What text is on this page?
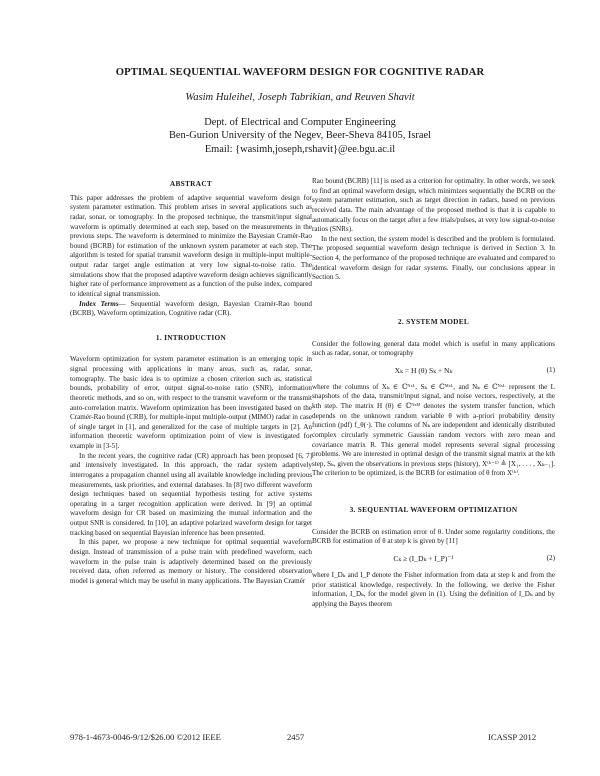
OPTIMAL SEQUENTIAL WAVEFORM DESIGN FOR COGNITIVE RADAR
Wasim Huleihel, Joseph Tabrikian, and Reuven Shavit
Dept. of Electrical and Computer Engineering
Ben-Gurion University of the Negev, Beer-Sheva 84105, Israel
Email: {wasimh,joseph,rshavit}@ee.bgu.ac.il
ABSTRACT

This paper addresses the problem of adaptive sequential waveform design for system parameter estimation. This problem arises in several applications such as radar, sonar, or tomography. In the proposed technique, the transmit/input signal waveform is optimally determined at each step, based on the measurements in the previous steps. The waveform is determined to minimize the Bayesian Cramér-Rao bound (BCRB) for estimation of the unknown system parameter at each step. The algorithm is tested for spatial transmit waveform design in multiple-input multiple-output radar target angle estimation at very low signal-to-noise ratio. The simulations show that the proposed adaptive waveform design achieves significantly higher rate of performance improvement as a function of the pulse index, compared to identical signal transmission.

Index Terms— Sequential waveform design, Bayesian Cramér-Rao bound (BCRB), Waveform optimization, Cognitive radar (CR).

1. INTRODUCTION

Waveform optimization for system parameter estimation is an emerging topic in signal processing with applications in many areas, such as, radar, sonar, tomography. The basic idea is to optimize a chosen criterion such as, statistical bounds, probability of error, output signal-to-noise ratio (SNR), information theoretic methods, and so on, with respect to the transmit waveform or the transmit auto-correlation matrix. Waveform optimization has been investigated based on the Cramér-Rao bound (CRB), for multiple-input multiple-output (MIMO) radar in case of single target in [1], and generalized for the case of multiple targets in [2]. An information theoretic waveform optimization point of view is investigated for example in [3-5].

In the recent years, the cognitive radar (CR) approach has been proposed [6, 7] and intensively investigated. In this approach, the radar system adaptively interrogates a propagation channel using all available knowledge including previous measurements, task priorities, and external databases. In [8] two different waveform design techniques based on sequential hypothesis testing for active systems operating in a target recognition application were derived. In [9] an optimal waveform design for CR based on maximizing the mutual information and the output SNR is considered. In [10], an adaptive polarized waveform design for target tracking based on sequential Bayesian inference has been presented.

In this paper, we propose a new technique for optimal sequential waveform design. Instead of transmission of a pulse train with predefined waveform, each waveform in the pulse train is adaptively determined based on the previously received data, often referred as memory or history. The considered observation model is general which may be useful in many applications. The Bayesian Cramér

Rao bound (BCRB) [11] is used as a criterion for optimality. In other words, we seek to find an optimal waveform design, which minimizes sequentially the BCRB on the system parameter estimation, such as target direction in radars, based on previous received data. The main advantage of the proposed method is that it is capable to automatically focus on the target after a few trials/pulses, at very low signal-to-noise ratios (SNRs).

In the next section, the system model is described and the problem is formulated. The proposed sequential waveform design technique is derived in Section 3. In Section 4, the performance of the proposed technique are evaluated and compared to identical waveform design for radar systems. Finally, our conclusions appear in Section 5.

2. SYSTEM MODEL

Consider the following general data model which is useful in many applications such as radar, sonar, or tomography

Xₖ = H (θ) Sₖ + Nₖ	(1)

where the columns of Xₖ ∈ ℂᴺˣᴸ, Sₖ ∈ ℂᴹˣᴸ, and Nₖ ∈ ℂᴺˣᴸ represent the L snapshots of the data, transmit/input signal, and noise vectors, respectively, at the kth step. The matrix H (θ) ∈ ℂᴺˣᴹ denotes the system transfer function, which depends on the unknown random variable θ with a-priori probability density function (pdf) f_θ(·). The columns of Nₖ are independent and identically distributed complex circularly symmetric Gaussian random vectors with zero mean and covariance matrix R. This general model represents several signal processing problems. We are interested in optimal design of the transmit signal matrix at the kth step, Sₖ, given the observations in previous steps (history), X⁽ᵏ⁻¹⁾ ≜ [X₁, . . . , Xₖ₋₁]. The criterion to be optimized, is the BCRB for estimation of θ from X⁽ᵏ⁾.

3. SEQUENTIAL WAVEFORM OPTIMIZATION

Consider the BCRB on estimation error of θ. Under some regularity conditions, the BCRB for estimation of θ at step k is given by [11]

Cₖ ≥ (I_Dₖ + I_P)⁻¹	(2)

where I_Dₖ and I_P denote the Fisher information from data at step k and from the prior statistical knowledge, respectively. In the following, we derive the Fisher information, I_Dₖ, for the model given in (1). Using the definition of I_Dₖ and by applying the Bayes theorem

978-1-4673-0046-9/12/$26.00 ©2012 IEEE	2457	ICASSP 2012
